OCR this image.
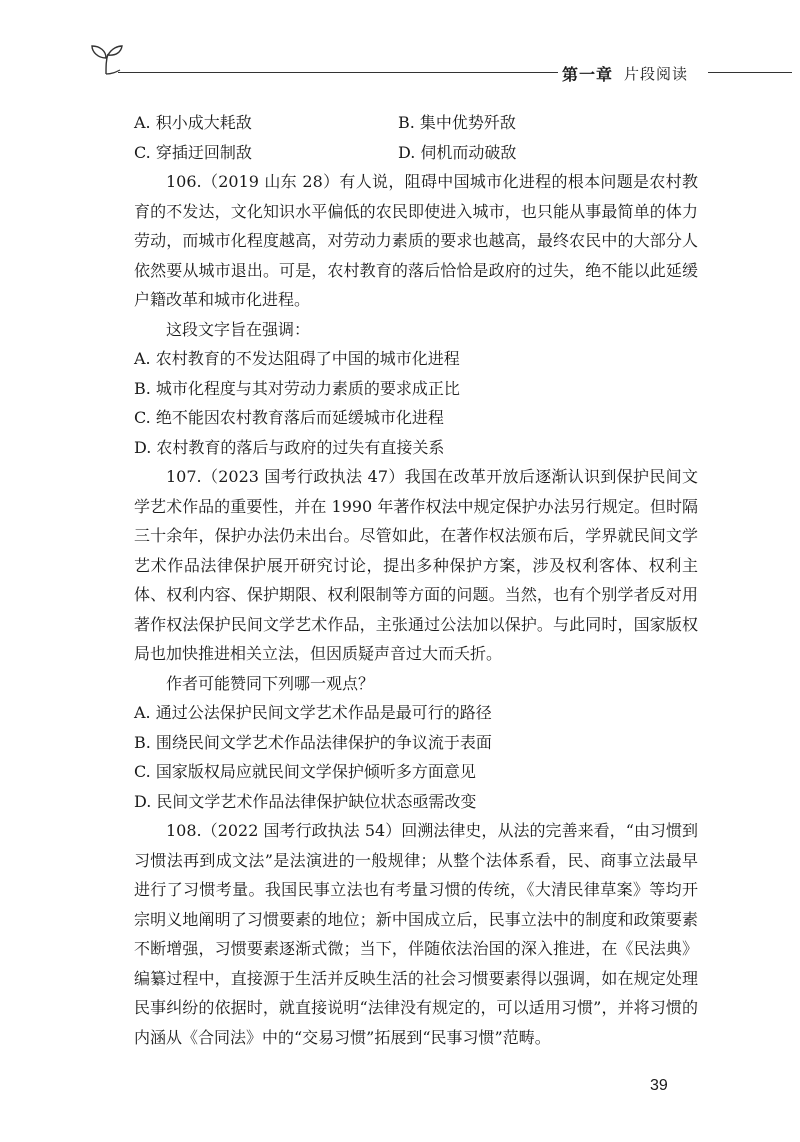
第一章 片段阅读
A. 积小成大耗敌	B. 集中优势歼敌
C. 穿插迂回制敌	D. 伺机而动破敌

106.（2019 山东 28）有人说，阻碍中国城市化进程的根本问题是农村教育的不发达，文化知识水平偏低的农民即使进入城市，也只能从事最简单的体力劳动，而城市化程度越高，对劳动力素质的要求也越高，最终农民中的大部分人依然要从城市退出。可是，农村教育的落后恰恰是政府的过失，绝不能以此延缓户籍改革和城市化进程。

这段文字旨在强调：

A. 农村教育的不发达阻碍了中国的城市化进程

B. 城市化程度与其对劳动力素质的要求成正比

C. 绝不能因农村教育落后而延缓城市化进程

D. 农村教育的落后与政府的过失有直接关系

107.（2023 国考行政执法 47）我国在改革开放后逐渐认识到保护民间文学艺术作品的重要性，并在 1990 年著作权法中规定保护办法另行规定。但时隔三十余年，保护办法仍未出台。尽管如此，在著作权法颁布后，学界就民间文学艺术作品法律保护展开研究讨论，提出多种保护方案，涉及权利客体、权利主体、权利内容、保护期限、权利限制等方面的问题。当然，也有个别学者反对用著作权法保护民间文学艺术作品，主张通过公法加以保护。与此同时，国家版权局也加快推进相关立法，但因质疑声音过大而夭折。

作者可能赞同下列哪一观点？

A. 通过公法保护民间文学艺术作品是最可行的路径

B. 围绕民间文学艺术作品法律保护的争议流于表面

C. 国家版权局应就民间文学保护倾听多方面意见

D. 民间文学艺术作品法律保护缺位状态亟需改变

108.（2022 国考行政执法 54）回溯法律史，从法的完善来看，“由习惯到习惯法再到成文法”是法演进的一般规律；从整个法体系看，民、商事立法最早进行了习惯考量。我国民事立法也有考量习惯的传统，《大清民律草案》等均开宗明义地阐明了习惯要素的地位；新中国成立后，民事立法中的制度和政策要素不断增强，习惯要素逐渐式微；当下，伴随依法治国的深入推进，在《民法典》编纂过程中，直接源于生活并反映生活的社会习惯要素得以强调，如在规定处理民事纠纷的依据时，就直接说明“法律没有规定的，可以适用习惯”，并将习惯的内涵从《合同法》中的“交易习惯”拓展到“民事习惯”范畴。

39
